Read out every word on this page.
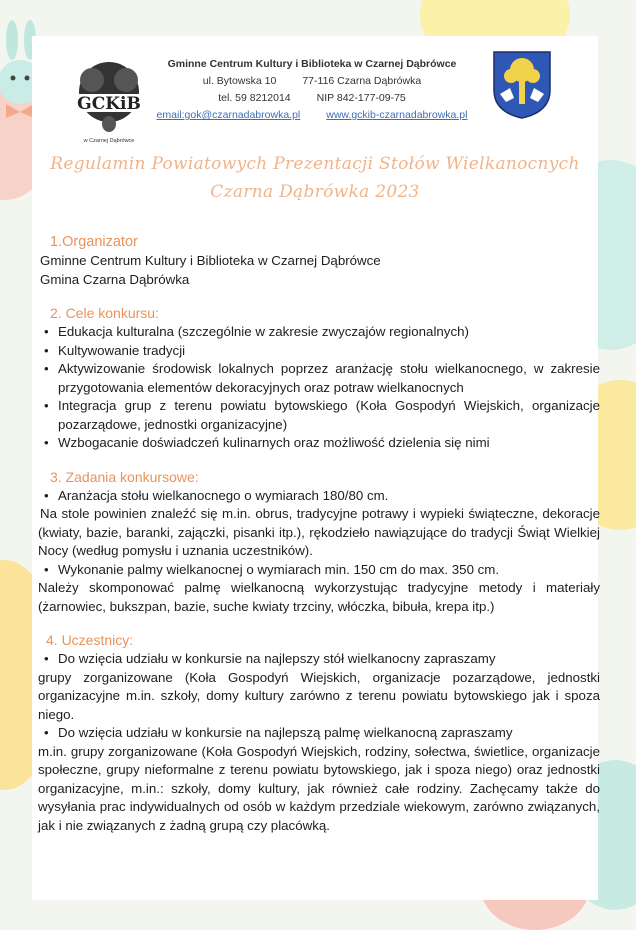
GCKiB
w Czarnej Dąbrówce
Gminne Centrum Kultury i Biblioteka w Czarnej Dąbrówce
ul. Bytowska 10 77-116 Czarna Dąbrówka
tel. 59 8212014 NIP 842-177-09-75
email:gok@czarnadabrowka.pl www.gckib-czarnadabrowka.pl
Regulamin Powiatowych Prezentacji Stołów Wielkanocnych
Czarna Dąbrówka 2023

1.Organizator

Gminne Centrum Kultury i Biblioteka w Czarnej Dąbrówce

Gmina Czarna Dąbrówka

2. Cele konkursu:

• Edukacja kulturalna (szczególnie w zakresie zwyczajów regionalnych)
• Kultywowanie tradycji
• Aktywizowanie środowisk lokalnych poprzez aranżację stołu wielkanocnego, w zakresie przygotowania elementów dekoracyjnych oraz potraw wielkanocnych
• Integracja grup z terenu powiatu bytowskiego (Koła Gospodyń Wiejskich, organizacje pozarządowe, jednostki organizacyjne)
• Wzbogacanie doświadczeń kulinarnych oraz możliwość dzielenia się nimi

3. Zadania konkursowe:

• Aranżacja stołu wielkanocnego o wymiarach 180/80 cm.

Na stole powinien znaleźć się m.in. obrus, tradycyjne potrawy i wypieki świąteczne, dekoracje (kwiaty, bazie, baranki, zajączki, pisanki itp.), rękodzieło nawiązujące do tradycji Świąt Wielkiej Nocy (według pomysłu i uznania uczestników).

• Wykonanie palmy wielkanocnej o wymiarach min. 150 cm do max. 350 cm.

Należy skomponować palmę wielkanocną wykorzystując tradycyjne metody i materiały (żarnowiec, bukszpan, bazie, suche kwiaty trzciny, włóczka, bibuła, krepa itp.)

4. Uczestnicy:

• Do wzięcia udziału w konkursie na najlepszy stół wielkanocny zapraszamy

grupy zorganizowane (Koła Gospodyń Wiejskich, organizacje pozarządowe, jednostki organizacyjne m.in. szkoły, domy kultury zarówno z terenu powiatu bytowskiego jak i spoza niego.

• Do wzięcia udziału w konkursie na najlepszą palmę wielkanocną zapraszamy

m.in. grupy zorganizowane (Koła Gospodyń Wiejskich, rodziny, sołectwa, świetlice, organizacje społeczne, grupy nieformalne z terenu powiatu bytowskiego, jak i spoza niego) oraz jednostki organizacyjne, m.in.: szkoły, domy kultury, jak również całe rodziny. Zachęcamy także do wysyłania prac indywidualnych od osób w każdym przedziale wiekowym, zarówno związanych, jak i nie związanych z żadną grupą czy placówką.
